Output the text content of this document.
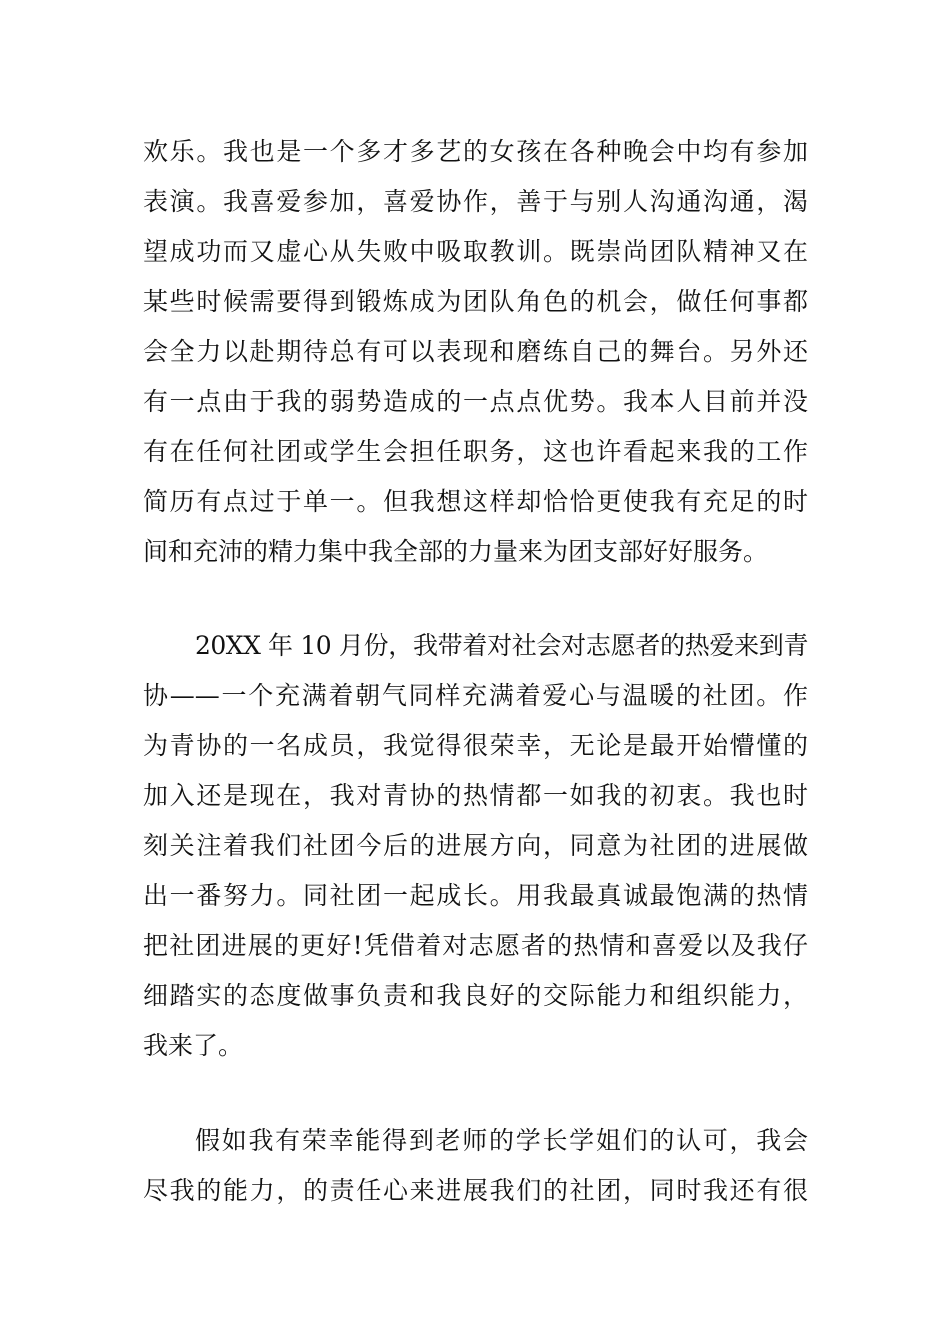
欢乐。我也是一个多才多艺的女孩在各种晚会中均有参加
表演。我喜爱参加，喜爱协作，善于与别人沟通沟通，渴
望成功而又虚心从失败中吸取教训。既崇尚团队精神又在
某些时候需要得到锻炼成为团队角色的机会，做任何事都
会全力以赴期待总有可以表现和磨练自己的舞台。另外还
有一点由于我的弱势造成的一点点优势。我本人目前并没
有在任何社团或学生会担任职务，这也许看起来我的工作
简历有点过于单一。但我想这样却恰恰更使我有充足的时
间和充沛的精力集中我全部的力量来为团支部好好服务。
20XX 年 10 月份，我带着对社会对志愿者的热爱来到青
协——一个充满着朝气同样充满着爱心与温暖的社团。作
为青协的一名成员，我觉得很荣幸，无论是最开始懵懂的
加入还是现在，我对青协的热情都一如我的初衷。我也时
刻关注着我们社团今后的进展方向，同意为社团的进展做
出一番努力。同社团一起成长。用我最真诚最饱满的热情
把社团进展的更好!凭借着对志愿者的热情和喜爱以及我仔
细踏实的态度做事负责和我良好的交际能力和组织能力，
我来了。
假如我有荣幸能得到老师的学长学姐们的认可，我会
尽我的能力，的责任心来进展我们的社团，同时我还有很
